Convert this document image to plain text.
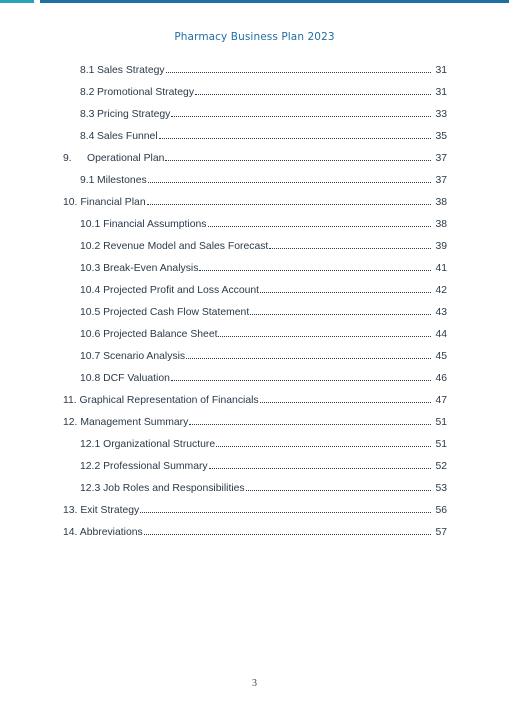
Pharmacy Business Plan 2023
8.1 Sales Strategy	31
8.2 Promotional Strategy	31
8.3 Pricing Strategy	33
8.4 Sales Funnel	35
9.	Operational Plan	37
9.1 Milestones	37
10. Financial Plan	38
10.1 Financial Assumptions	38
10.2 Revenue Model and Sales Forecast	39
10.3 Break-Even Analysis	41
10.4 Projected Profit and Loss Account	42
10.5 Projected Cash Flow Statement	43
10.6 Projected Balance Sheet	44
10.7 Scenario Analysis	45
10.8 DCF Valuation	46
11. Graphical Representation of Financials	47
12. Management Summary	51
12.1 Organizational Structure	51
12.2 Professional Summary	52
12.3 Job Roles and Responsibilities	53
13. Exit Strategy	56
14. Abbreviations	57
3
